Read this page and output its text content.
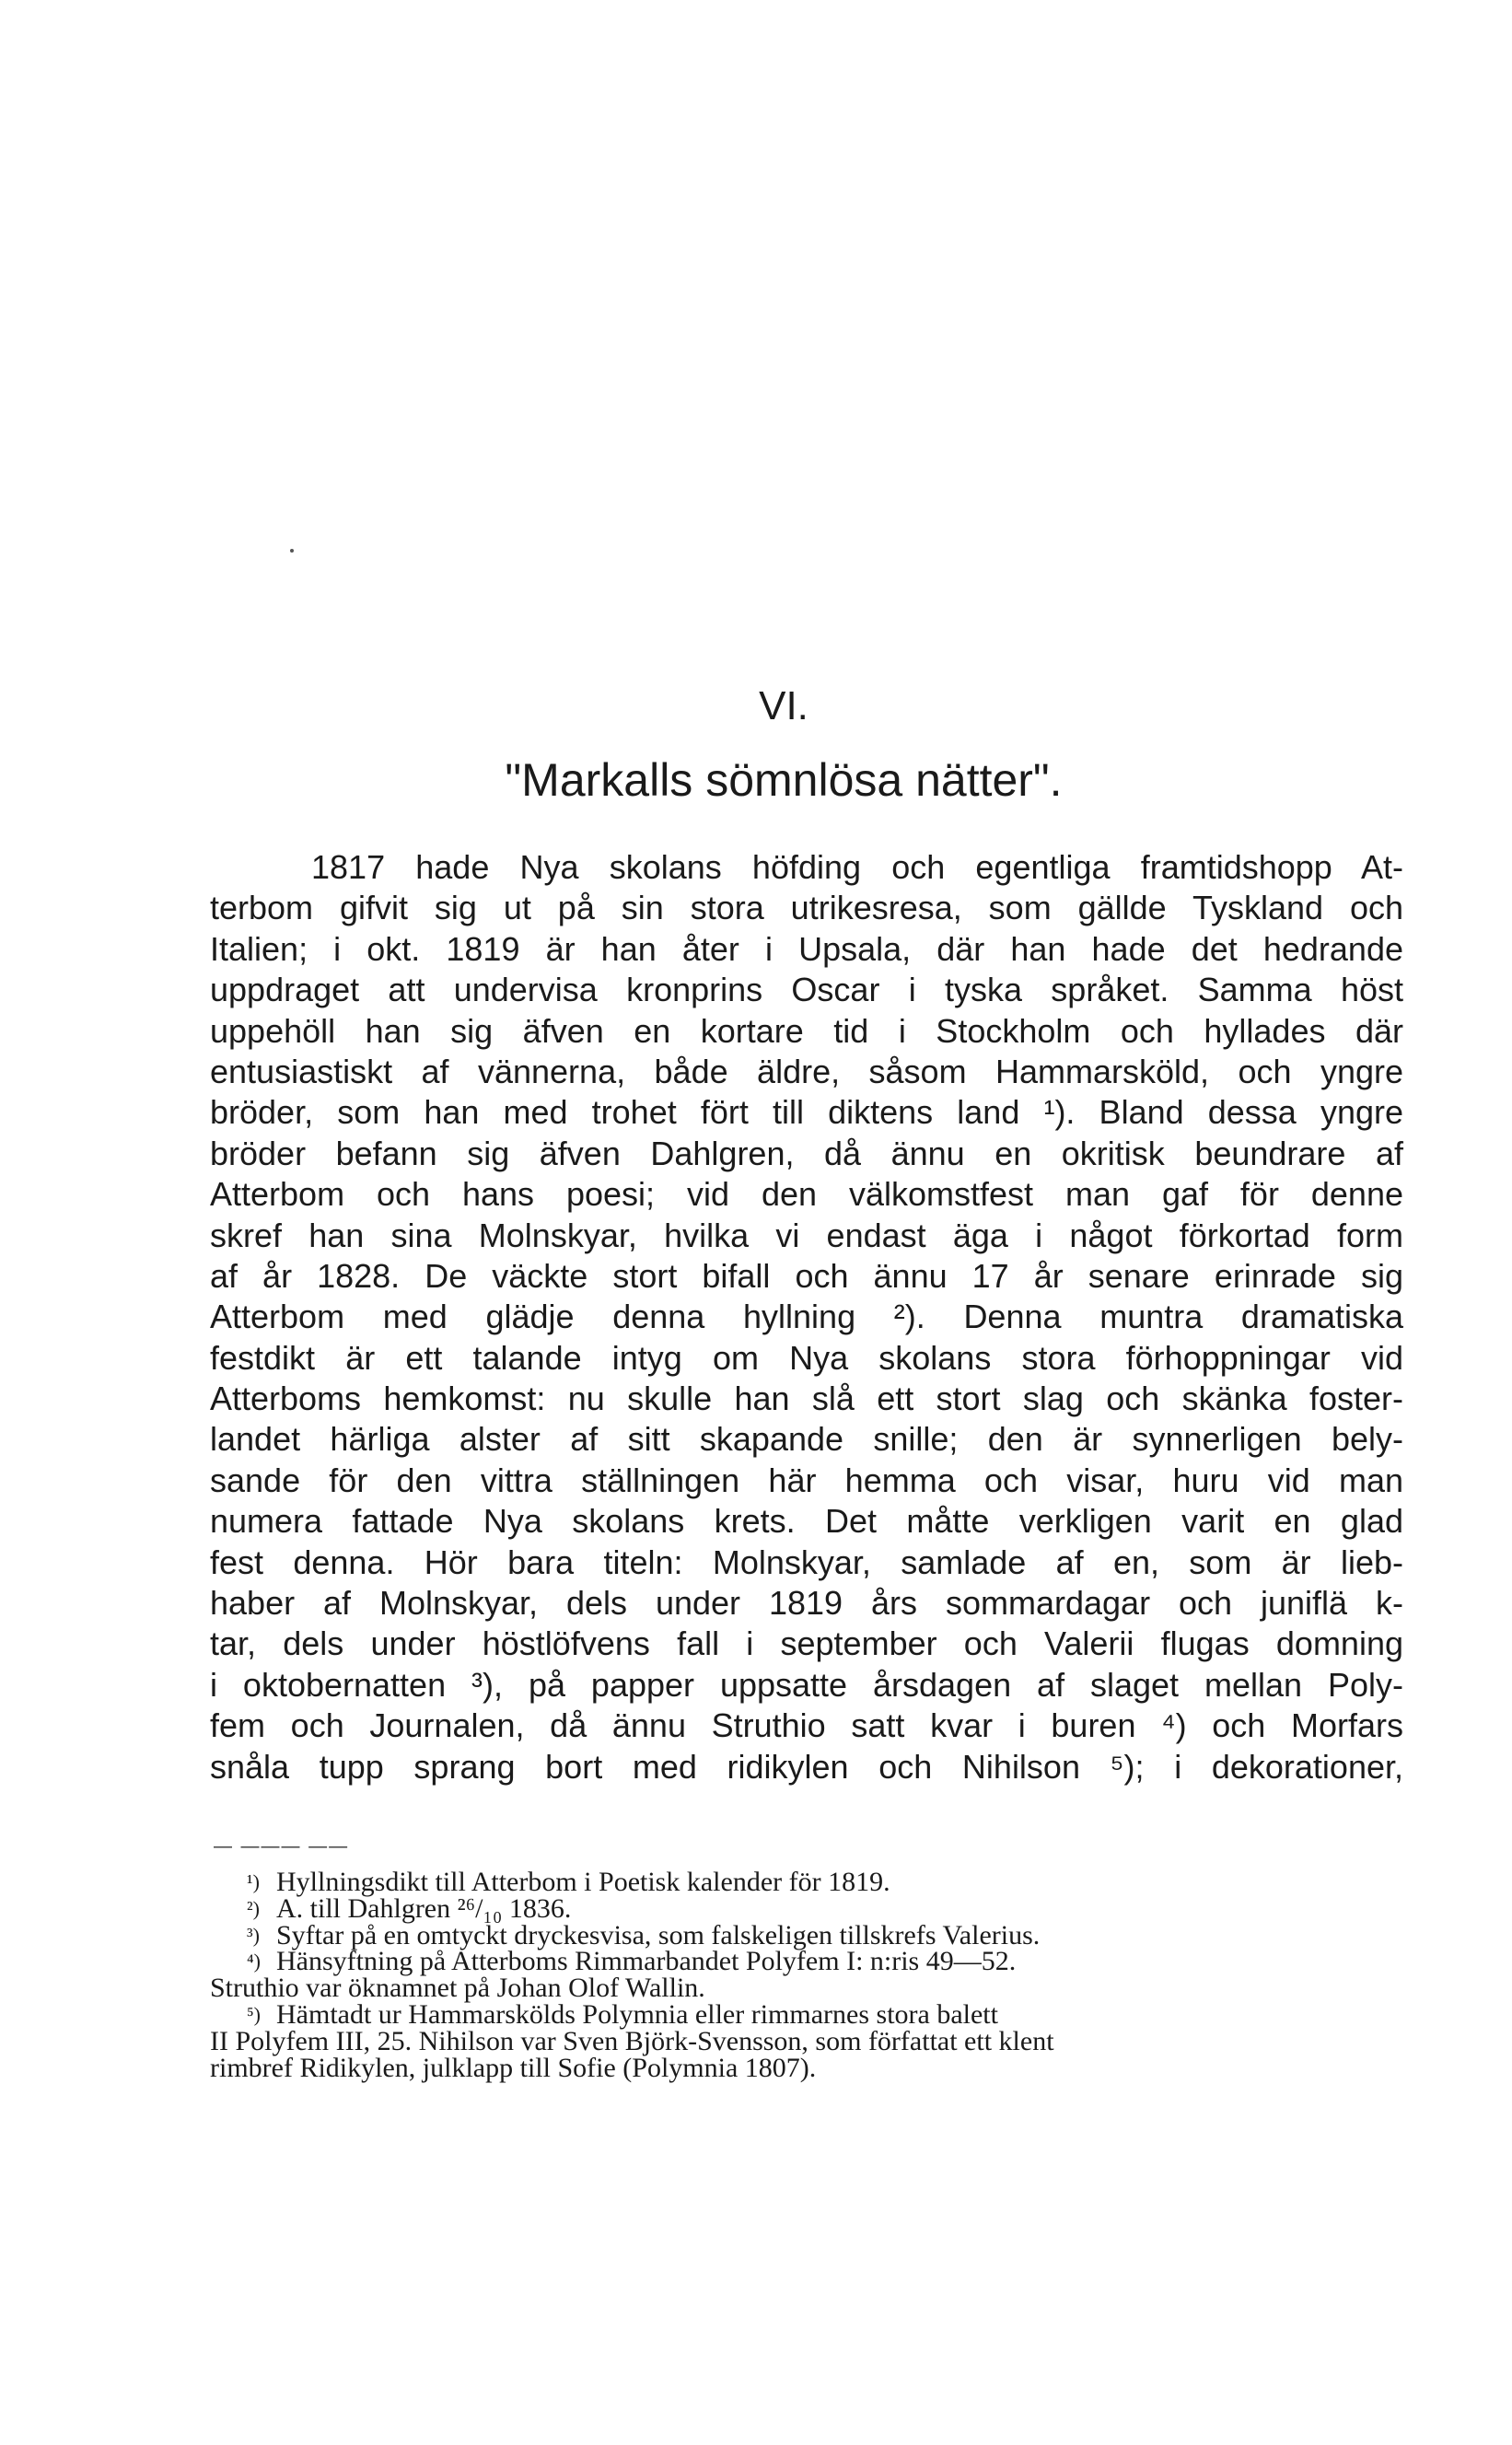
VI.
"Markalls sömnlösa nätter".
1817 hade Nya skolans höfding och egentliga framtidshopp At-
terbom gifvit sig ut på sin stora utrikesresa, som gällde Tyskland och
Italien; i okt. 1819 är han åter i Upsala, där han hade det hedrande
uppdraget att undervisa kronprins Oscar i tyska språket. Samma höst
uppehöll han sig äfven en kortare tid i Stockholm och hyllades där
entusiastiskt af vännerna, både äldre, såsom Hammarsköld, och yngre
bröder, som han med trohet fört till diktens land ¹). Bland dessa yngre
bröder befann sig äfven Dahlgren, då ännu en okritisk beundrare af
Atterbom och hans poesi; vid den välkomstfest man gaf för denne
skref han sina Molnskyar, hvilka vi endast äga i något förkortad form
af år 1828. De väckte stort bifall och ännu 17 år senare erinrade sig
Atterbom med glädje denna hyllning ²). Denna muntra dramatiska
festdikt är ett talande intyg om Nya skolans stora förhoppningar vid
Atterboms hemkomst: nu skulle han slå ett stort slag och skänka foster-
landet härliga alster af sitt skapande snille; den är synnerligen bely-
sande för den vittra ställningen här hemma och visar, huru vid man
numera fattade Nya skolans krets. Det måtte verkligen varit en glad
fest denna. Hör bara titeln: Molnskyar, samlade af en, som är lieb-
haber af Molnskyar, dels under 1819 års sommardagar och juniflä k-
tar, dels under höstlöfvens fall i september och Valerii flugas domning
i oktobernatten ³), på papper uppsatte årsdagen af slaget mellan Poly-
fem och Journalen, då ännu Struthio satt kvar i buren ⁴) och Morfars
snåla tupp sprang bort med ridikylen och Nihilson ⁵); i dekorationer,
— ——— ——
¹) Hyllningsdikt till Atterbom i Poetisk kalender för 1819.
²) A. till Dahlgren ²⁶/₁₀ 1836.
³) Syftar på en omtyckt dryckesvisa, som falskeligen tillskrefs Valerius.
⁴) Hänsyftning på Atterboms Rimmarbandet Polyfem I: n:ris 49—52.
Struthio var öknamnet på Johan Olof Wallin.
⁵) Hämtadt ur Hammarskölds Polymnia eller rimmarnes stora balett
II Polyfem III, 25. Nihilson var Sven Björk-Svensson, som författat ett klent
rimbref Ridikylen, julklapp till Sofie (Polymnia 1807).
